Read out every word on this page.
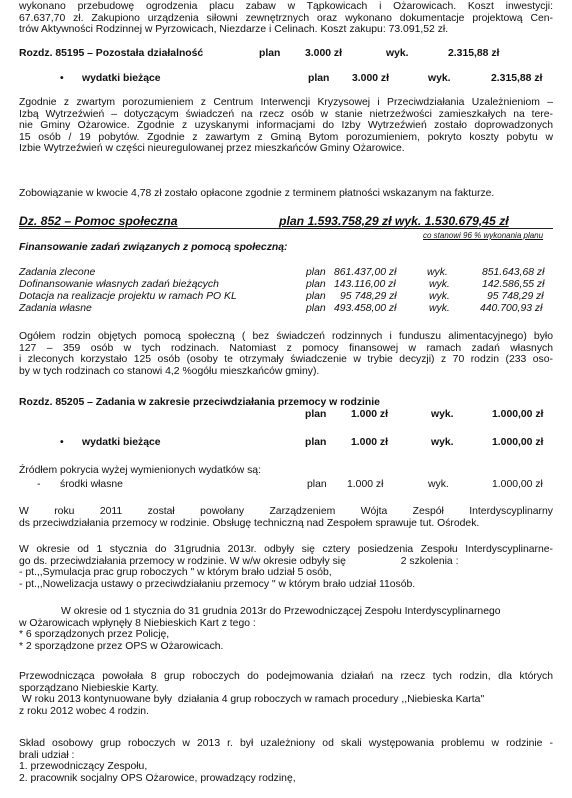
wykonano przebudowę ogrodzenia placu zabaw w Tąpkowicach i Ożarowicach. Koszt inwestycji:
67.637,70 zł. Zakupiono urządzenia siłowni zewnętrznych oraz wykonano dokumentacje projektową Cen-
trów Aktywności Rodzinnej w Pyrzowicach, Niezdarze i Celinach. Koszt zakupu: 73.091,52 zł.
Rozdz. 85195 – Pozostała działalność	plan 3.000 zł	wyk.	2.315,88 zł
• wydatki bieżące	plan 3.000 zł	wyk.	2.315,88 zł
Zgodnie z zwartym porozumieniem z Centrum Interwencji Kryzysowej i Przeciwdziałania Uzależnieniom –
Izbą Wytrzeźwień – dotyczącym świadczeń na rzecz osób w stanie nietrzeźwości zamieszkałych na tere-
nie Gminy Ożarowice. Zgodnie z uzyskanymi informacjami do Izby Wytrzeźwień zostało doprowadzonych
15 osób / 19 pobytów. Zgodnie z zawartym z Gminą Bytom porozumieniem, pokryto koszty pobytu w
Izbie Wytrzeźwień w części nieuregulowanej przez mieszkańców Gminy Ożarowice.
Zobowiązanie w kwocie 4,78 zł zostało opłacone zgodnie z terminem płatności wskazanym na fakturze.
Dz. 852 – Pomoc społeczna	plan 1.593.758,29 zł wyk. 1.530.679,45 zł
co stanowi 96 % wykonania planu
Finansowanie zadań związanych z pomocą społeczną:
Zadania zlecone	plan 861.437,00 zł	wyk.	851.643,68 zł
Dofinansowanie własnych zadań bieżących	plan 143.116,00 zł	wyk.	142.586,55 zł
Dotacja na realizacje projektu w ramach PO KL	plan 95 748,29 zł	wyk.	95 748,29 zł
Zadania własne	plan 493.458,00 zł	wyk.	440.700,93 zł
Ogółem rodzin objętych pomocą społeczną ( bez świadczeń rodzinnych i funduszu alimentacyjnego) było
127 – 359 osób w tych rodzinach. Natomiast z pomocy finansowej w ramach zadań własnych
i zleconych korzystało 125 osób (osoby te otrzymały świadczenie w trybie decyzji) z 70 rodzin (233 oso-
by w tych rodzinach co stanowi 4,2 %ogółu mieszkańców gminy).
Rozdz. 85205 – Zadania w zakresie przeciwdziałania przemocy w rodzinie
plan 1.000 zł	wyk.	1.000,00 zł
• wydatki bieżące	plan 1.000 zł	wyk.	1.000,00 zł
Źródłem pokrycia wyżej wymienionych wydatków są:
- środki własne	plan 1.000 zł	wyk.	1.000,00 zł
W roku 2011 został powołany Zarządzeniem Wójta Zespół Interdyscyplinarny
ds przeciwdziałania przemocy w rodzinie. Obsługę techniczną nad Zespołem sprawuje tut. Ośrodek.
W okresie od 1 stycznia do 31grudnia 2013r. odbyły się cztery posiedzenia Zespołu Interdyscyplinarne-
go ds. przeciwdziałania przemocy w rodzinie. W w/w okresie odbyły się                   2 szkolenia :
- pt.,,Symulacja prac grup roboczych " w którym brało udział 5 osób,
- pt.,,Nowelizacja ustawy o przeciwdziałaniu przemocy " w którym brało udział 11osób.
W okresie od 1 stycznia do 31 grudnia 2013r do Przewodniczącej Zespołu Interdyscyplinarnego
w Ożarowicach wpłynęły 8 Niebieskich Kart z tego :
* 6 sporządzonych przez Policję,
* 2 sporządzone przez OPS w Ożarowicach.
Przewodnicząca powołała 8 grup roboczych do podejmowania działań na rzecz tych rodzin, dla których
sporządzano Niebieskie Karty.
W roku 2013 kontynuowane były  działania 4 grup roboczych w ramach procedury ,,Niebieska Karta"
z roku 2012 wobec 4 rodzin.
Skład osobowy grup roboczych w 2013 r. był uzależniony od skali występowania problemu w rodzinie -
brali udział :
1. przewodniczący Zespołu,
2. pracownik socjalny OPS Ożarowice, prowadzący rodzinę,
